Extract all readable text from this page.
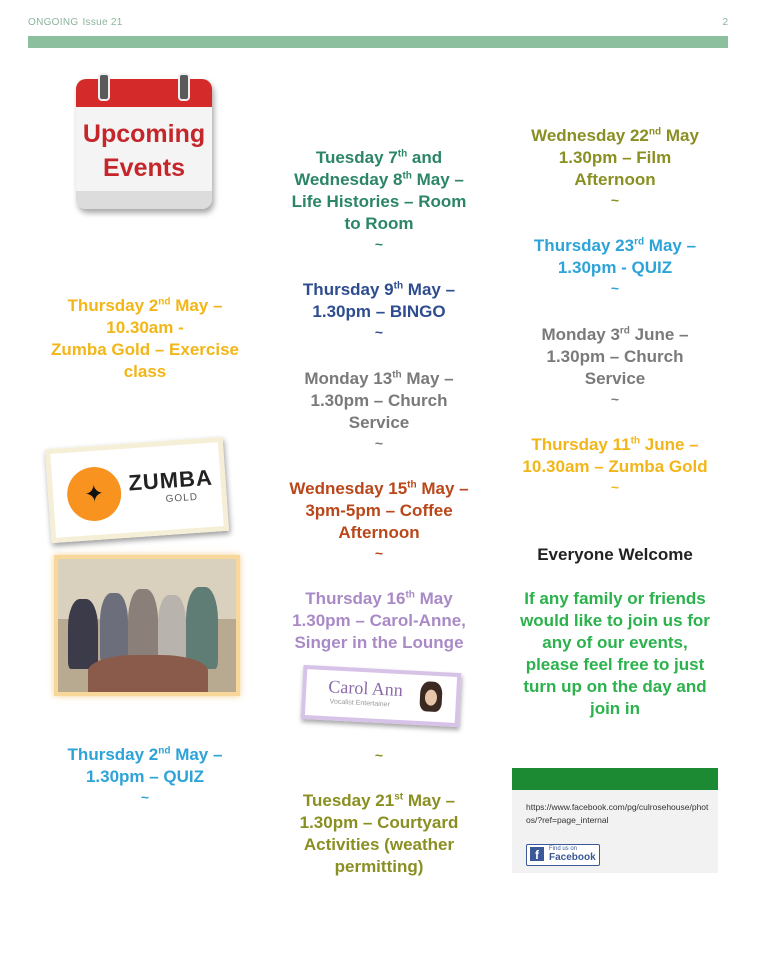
ONGOING Issue 21	2
Upcoming Events
Thursday 2nd May –
10.30am -
Zumba Gold – Exercise
class
✦	ZUMBA
GOLD
Thursday 2nd May –
1.30pm – QUIZ
~
Tuesday 7th and
Wednesday 8th May –
Life Histories – Room
to Room
~
Thursday 9th May –
1.30pm – BINGO
~
Monday 13th May –
1.30pm – Church
Service
~
Wednesday 15th May –
3pm-5pm – Coffee
Afternoon
~
Thursday 16th May
1.30pm – Carol-Anne,
Singer in the Lounge
Carol Ann
Vocalist Entertainer
~
Tuesday 21st May –
1.30pm – Courtyard
Activities (weather
permitting)
Wednesday 22nd May
1.30pm – Film
Afternoon
~
Thursday 23rd May –
1.30pm - QUIZ
~
Monday 3rd June –
1.30pm – Church
Service
~
Thursday 11th June –
10.30am – Zumba Gold
~
Everyone Welcome
If any family or friends
would like to join us for
any of our events,
please feel free to just
turn up on the day and
join in
https://www.facebook.com/pg/culrosehouse/photos/?ref=page_internal
f	Find us on
Facebook
